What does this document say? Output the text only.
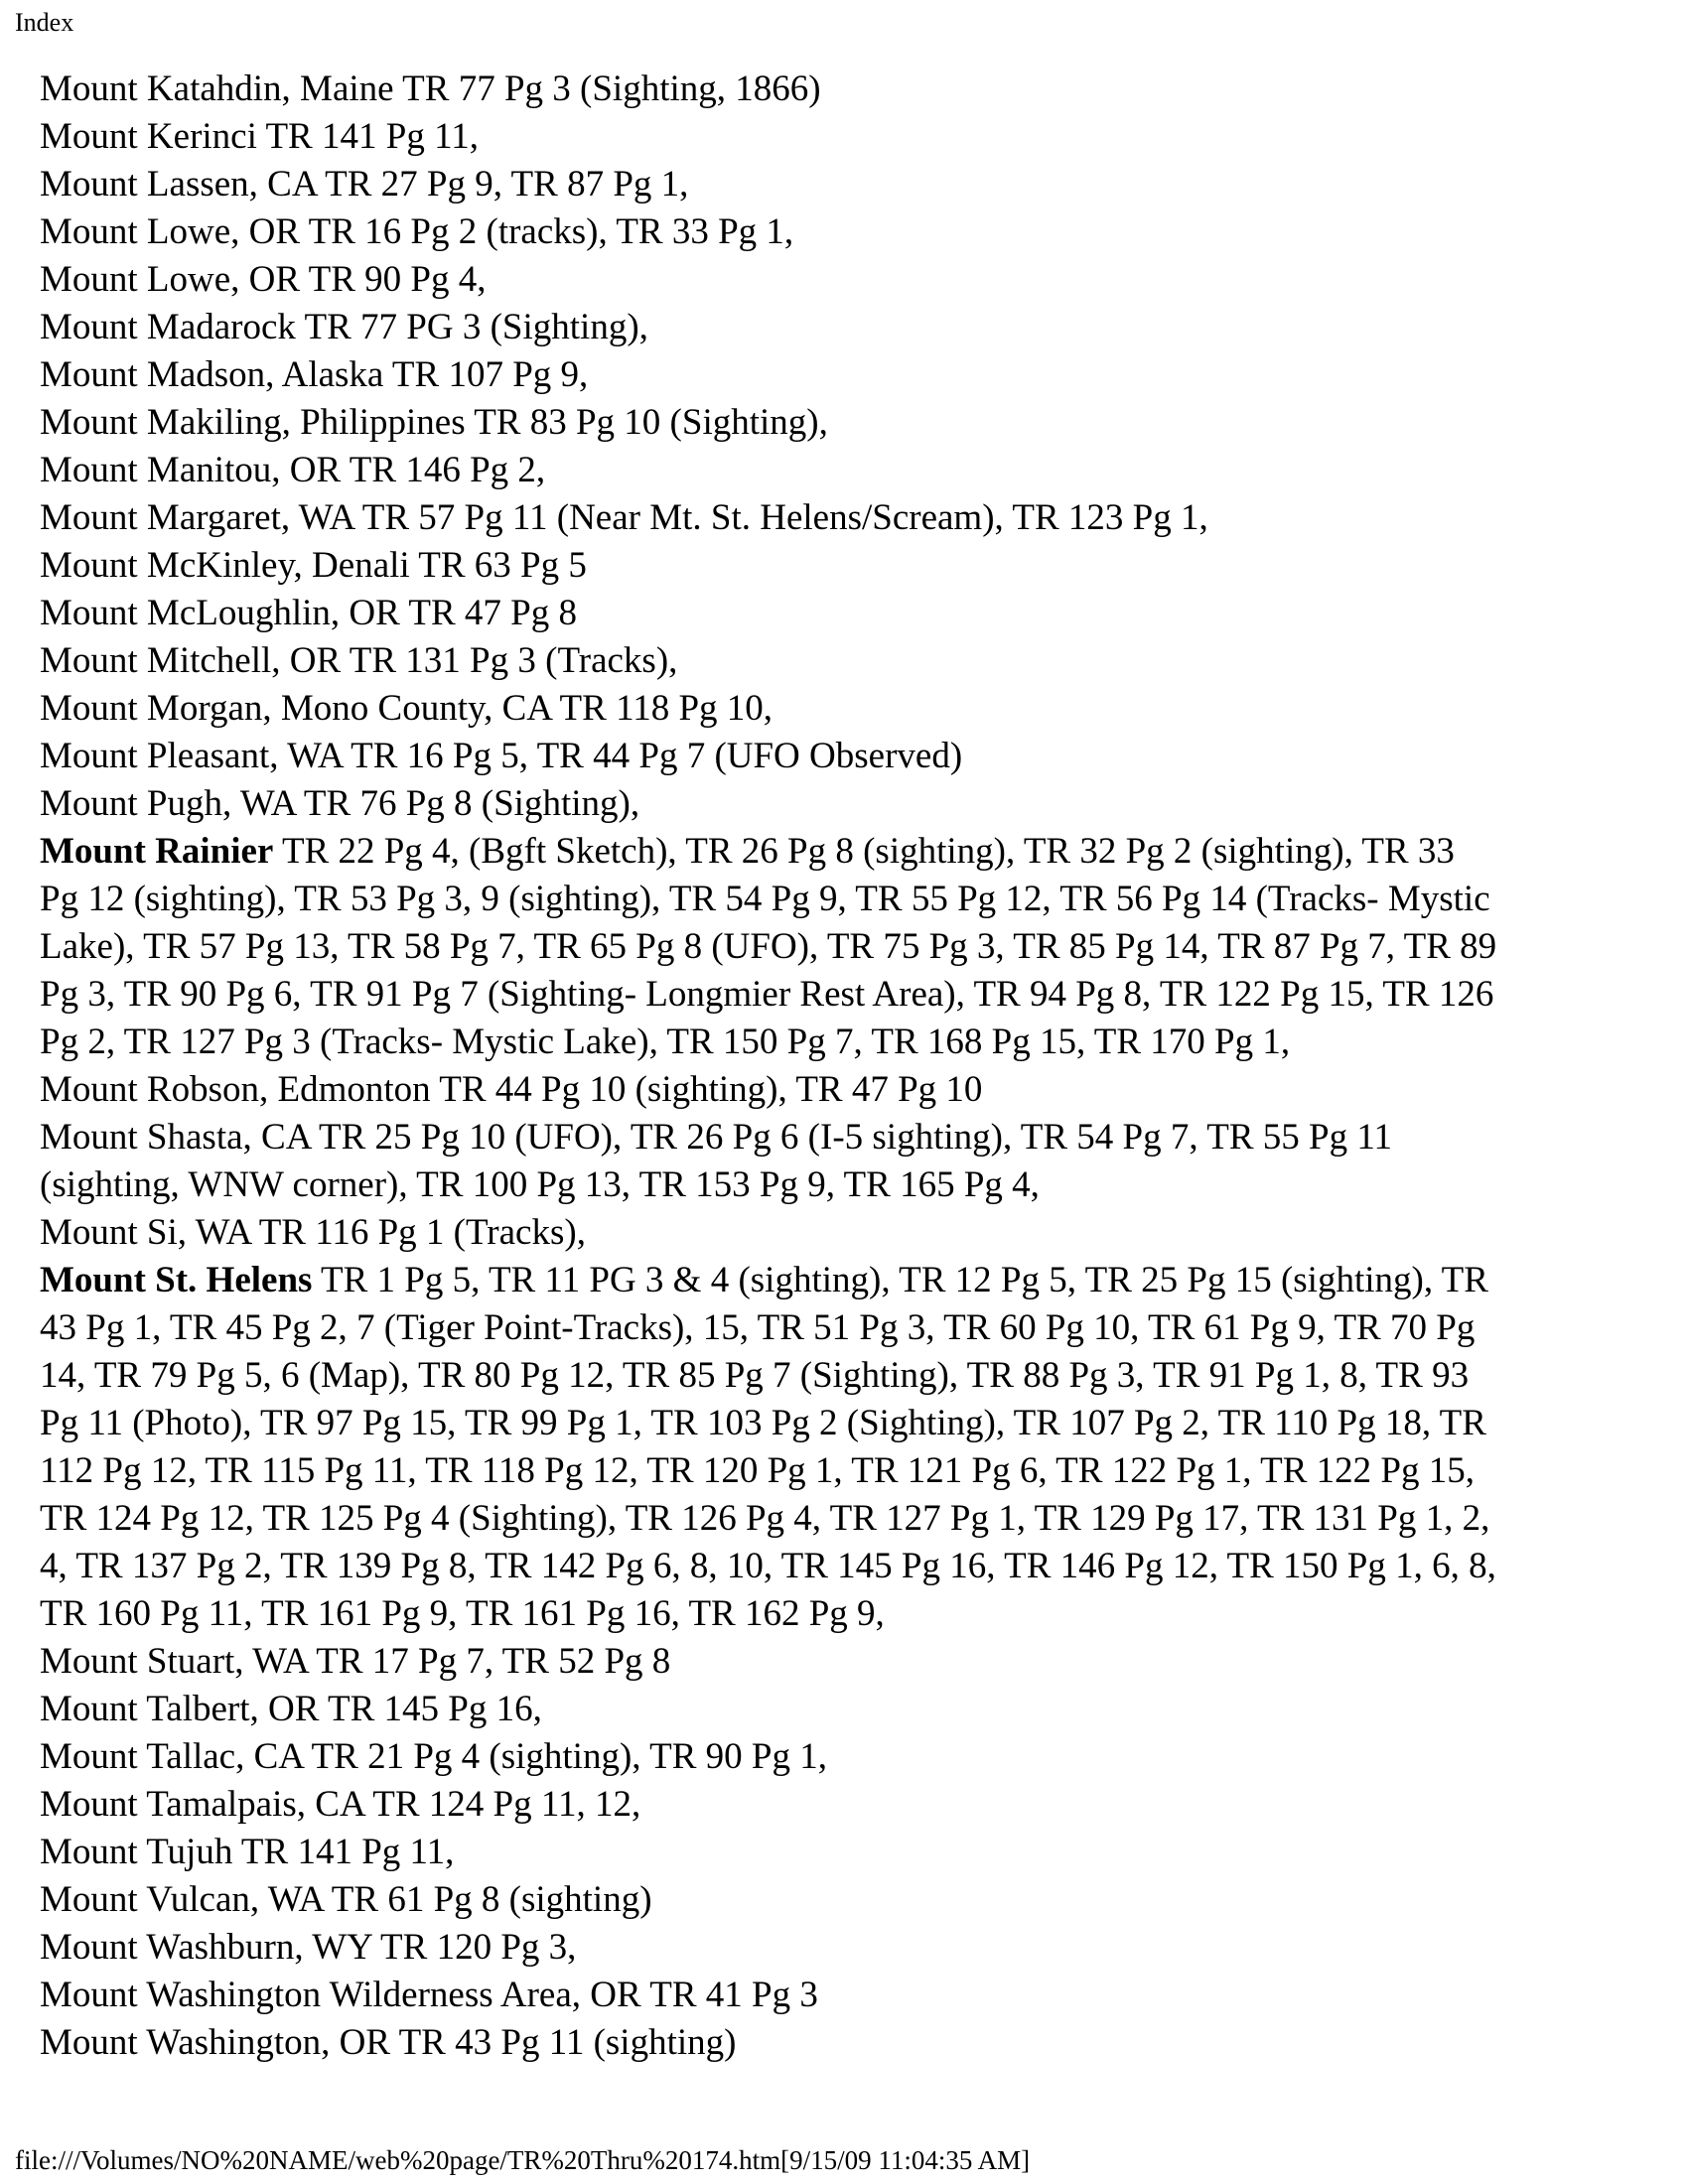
Index

Mount Katahdin, Maine TR 77 Pg 3 (Sighting, 1866)

Mount Kerinci TR 141 Pg 11,

Mount Lassen, CA TR 27 Pg 9, TR 87 Pg 1,

Mount Lowe, OR TR 16 Pg 2 (tracks), TR 33 Pg 1,

Mount Lowe, OR TR 90 Pg 4,

Mount Madarock TR 77 PG 3 (Sighting),

Mount Madson, Alaska TR 107 Pg 9,

Mount Makiling, Philippines TR 83 Pg 10 (Sighting),

Mount Manitou, OR TR 146 Pg 2,

Mount Margaret, WA TR 57 Pg 11 (Near Mt. St. Helens/Scream), TR 123 Pg 1,

Mount McKinley, Denali TR 63 Pg 5

Mount McLoughlin, OR TR 47 Pg 8

Mount Mitchell, OR TR 131 Pg 3 (Tracks),

Mount Morgan, Mono County, CA TR 118 Pg 10,

Mount Pleasant, WA TR 16 Pg 5, TR 44 Pg 7 (UFO Observed)

Mount Pugh, WA TR 76 Pg 8 (Sighting),

Mount Rainier TR 22 Pg 4, (Bgft Sketch), TR 26 Pg 8 (sighting), TR 32 Pg 2 (sighting), TR 33 Pg 12 (sighting), TR 53 Pg 3, 9 (sighting), TR 54 Pg 9, TR 55 Pg 12, TR 56 Pg 14 (Tracks- Mystic Lake), TR 57 Pg 13, TR 58 Pg 7, TR 65 Pg 8 (UFO), TR 75 Pg 3, TR 85 Pg 14, TR 87 Pg 7, TR 89 Pg 3, TR 90 Pg 6, TR 91 Pg 7 (Sighting- Longmier Rest Area), TR 94 Pg 8, TR 122 Pg 15, TR 126 Pg 2, TR 127 Pg 3 (Tracks- Mystic Lake), TR 150 Pg 7, TR 168 Pg 15, TR 170 Pg 1,

Mount Robson, Edmonton TR 44 Pg 10 (sighting), TR 47 Pg 10

Mount Shasta, CA TR 25 Pg 10 (UFO), TR 26 Pg 6 (I-5 sighting), TR 54 Pg 7, TR 55 Pg 11 (sighting, WNW corner), TR 100 Pg 13, TR 153 Pg 9, TR 165 Pg 4,

Mount Si, WA TR 116 Pg 1 (Tracks),

Mount St. Helens TR 1 Pg 5, TR 11 PG 3 & 4 (sighting), TR 12 Pg 5, TR 25 Pg 15 (sighting), TR 43 Pg 1, TR 45 Pg 2, 7 (Tiger Point-Tracks), 15, TR 51 Pg 3, TR 60 Pg 10, TR 61 Pg 9, TR 70 Pg 14, TR 79 Pg 5, 6 (Map), TR 80 Pg 12, TR 85 Pg 7 (Sighting), TR 88 Pg 3, TR 91 Pg 1, 8, TR 93 Pg 11 (Photo), TR 97 Pg 15, TR 99 Pg 1, TR 103 Pg 2 (Sighting), TR 107 Pg 2, TR 110 Pg 18, TR 112 Pg 12, TR 115 Pg 11, TR 118 Pg 12, TR 120 Pg 1, TR 121 Pg 6, TR 122 Pg 1, TR 122 Pg 15, TR 124 Pg 12, TR 125 Pg 4 (Sighting), TR 126 Pg 4, TR 127 Pg 1, TR 129 Pg 17, TR 131 Pg 1, 2, 4, TR 137 Pg 2, TR 139 Pg 8, TR 142 Pg 6, 8, 10, TR 145 Pg 16, TR 146 Pg 12, TR 150 Pg 1, 6, 8, TR 160 Pg 11, TR 161 Pg 9, TR 161 Pg 16, TR 162 Pg 9,

Mount Stuart, WA TR 17 Pg 7, TR 52 Pg 8

Mount Talbert, OR TR 145 Pg 16,

Mount Tallac, CA TR 21 Pg 4 (sighting), TR 90 Pg 1,

Mount Tamalpais, CA TR 124 Pg 11, 12,

Mount Tujuh TR 141 Pg 11,

Mount Vulcan, WA TR 61 Pg 8 (sighting)

Mount Washburn, WY TR 120 Pg 3,

Mount Washington Wilderness Area, OR TR 41 Pg 3

Mount Washington, OR TR 43 Pg 11 (sighting)

file:///Volumes/NO%20NAME/web%20page/TR%20Thru%20174.htm[9/15/09 11:04:35 AM]
